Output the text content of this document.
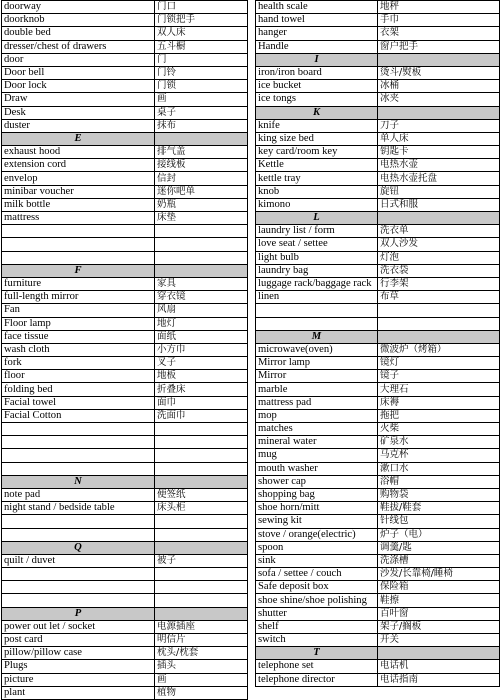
doorway	门口
doorknob	门锁把手
double bed	双人床
dresser/chest of drawers	五斗橱
door	门
Door bell	门铃
Door lock	门锁
Draw	画
Desk	桌子
duster	抹布
E	
exhaust hood	排气盖
extension cord	接线板
envelop	信封
minibar voucher	迷你吧单
milk bottle	奶瓶
mattress	床垫

F	
furniture	家具
full-length mirror	穿衣镜
Fan	风扇
Floor lamp	地灯
face tissue	面纸
wash cloth	小方巾
fork	叉子
floor	地板
folding bed	折叠床
Facial towel	面巾
Facial Cotton	洗面巾

N	
note pad	便签纸
night stand / bedside table	床头柜

Q	
quilt / duvet	被子

P	
power out let / socket	电源插座
post card	明信片
pillow/pillow case	枕头/枕套
Plugs	插头
picture	画
plant	植物
health scale	地秤
hand towel	手巾
hanger	衣架
Handle	窗户把手
I	
iron/iron board	烫斗/熨板
ice bucket	冰桶
ice tongs	冰夹
K	
knife	刀子
king size bed	单人床
key card/room key	钥匙卡
Kettle	电热水壶
kettle tray	电热水壶托盘
knob	旋钮
kimono	日式和服
L	
laundry list / form	洗衣单
love seat / settee	双人沙发
light bulb	灯泡
laundry bag	洗衣袋
luggage rack/baggage rack	行李架
linen	布草

M	
microwave(oven)	微波炉（烤箱）
Mirror lamp	镜灯
Mirror	镜子
marble	大理石
mattress pad	床褥
mop	拖把
matches	火柴
mineral water	矿泉水
mug	马克杯
mouth washer	漱口水
shower cap	浴帽
shopping bag	购物袋
shoe horn/mitt	鞋拔/鞋套
sewing kit	针线包
stove / orange(electric)	炉子（电）
spoon	调羹/匙
sink	洗涤槽
sofa / settee / couch	沙发/长靠椅/睡椅
Safe deposit box	保险箱
shoe shine/shoe polishing	鞋擦
shutter	百叶窗
shelf	架子/搁板
switch	开关
T	
telephone set	电话机
telephone director	电话指南
